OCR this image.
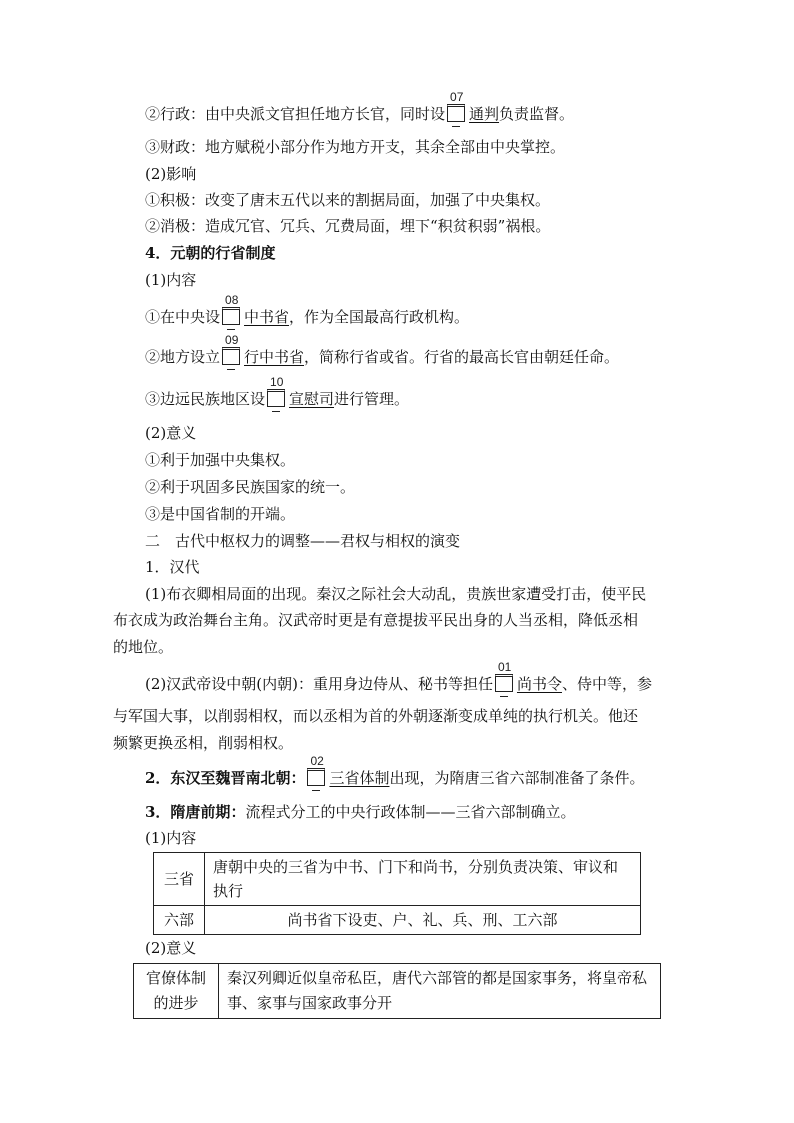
②行政：由中央派文官担任地方长官，同时设
07
通判负责监督。
③财政：地方赋税小部分作为地方开支，其余全部由中央掌控。
(2)影响
①积极：改变了唐末五代以来的割据局面，加强了中央集权。
②消极：造成冗官、冗兵、冗费局面，埋下“积贫积弱”祸根。
4．元朝的行省制度
(1)内容
①在中央设
08
中书省，作为全国最高行政机构。
②地方设立
09
行中书省，简称行省或省。行省的最高长官由朝廷任命。
③边远民族地区设
10
宣慰司进行管理。
(2)意义
①利于加强中央集权。
②利于巩固多民族国家的统一。
③是中国省制的开端。
二　古代中枢权力的调整——君权与相权的演变
1．汉代
(1)布衣卿相局面的出现。秦汉之际社会大动乱，贵族世家遭受打击，使平民
布衣成为政治舞台主角。汉武帝时更是有意提拔平民出身的人当丞相，降低丞相
的地位。
(2)汉武帝设中朝(内朝)：重用身边侍从、秘书等担任
01
尚书令、侍中等，参
与军国大事，以削弱相权，而以丞相为首的外朝逐渐变成单纯的执行机关。他还
频繁更换丞相，削弱相权。
2．东汉至魏晋南北朝：
02
三省体制出现，为隋唐三省六部制准备了条件。
3．隋唐前期：流程式分工的中央行政体制——三省六部制确立。
(1)内容
三省	唐朝中央的三省为中书、门下和尚书，分别负责决策、审议和执行
六部	尚书省下设吏、户、礼、兵、刑、工六部
(2)意义
官僚体制的进步	秦汉列卿近似皇帝私臣，唐代六部管的都是国家事务，将皇帝私事、家事与国家政事分开
